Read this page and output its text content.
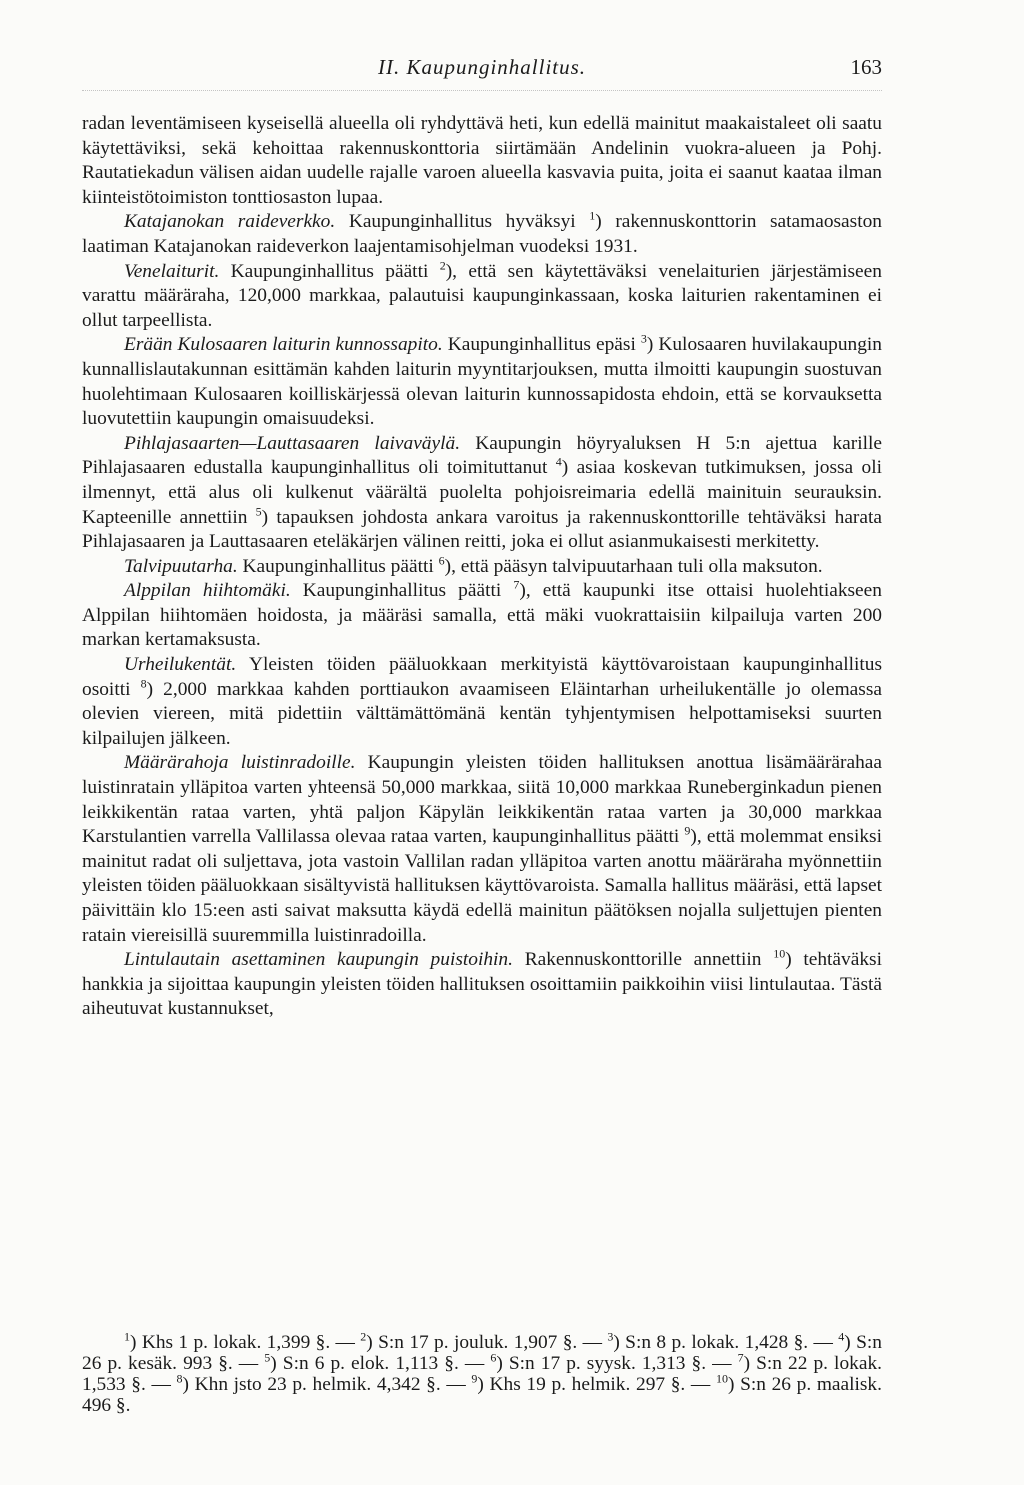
II. Kaupunginhallitus.	163

radan leventämiseen kyseisellä alueella oli ryhdyttävä heti, kun edellä mainitut maakaistaleet oli saatu käytettäviksi, sekä kehoittaa rakennuskonttoria siirtämään Andelinin vuokra-alueen ja Pohj. Rautatiekadun välisen aidan uudelle rajalle varoen alueella kasvavia puita, joita ei saanut kaataa ilman kiinteistötoimiston tonttiosaston lupaa.

Katajanokan raideverkko. Kaupunginhallitus hyväksyi $^1$) rakennuskonttorin satamaosaston laatiman Katajanokan raideverkon laajentamisohjelman vuodeksi 1931.

Venelaiturit. Kaupunginhallitus päätti $^2$), että sen käytettäväksi venelaiturien järjestämiseen varattu määräraha, 120,000 markkaa, palautuisi kaupunginkassaan, koska laiturien rakentaminen ei ollut tarpeellista.

Erään Kulosaaren laiturin kunnossapito. Kaupunginhallitus epäsi $^3$) Kulosaaren huvilakaupungin kunnallislautakunnan esittämän kahden laiturin myyntitarjouksen, mutta ilmoitti kaupungin suostuvan huolehtimaan Kulosaaren koilliskärjessä olevan laiturin kunnossapidosta ehdoin, että se korvauksetta luovutettiin kaupungin omaisuudeksi.

Pihlajasaarten—Lauttasaaren laivaväylä. Kaupungin höyryaluksen H 5:n ajettua karille Pihlajasaaren edustalla kaupunginhallitus oli toimituttanut $^4$) asiaa koskevan tutkimuksen, jossa oli ilmennyt, että alus oli kulkenut väärältä puolelta pohjoisreimaria edellä mainituin seurauksin. Kapteenille annettiin $^5$) tapauksen johdosta ankara varoitus ja rakennuskonttorille tehtäväksi harata Pihlajasaaren ja Lauttasaaren eteläkärjen välinen reitti, joka ei ollut asianmukaisesti merkitetty.

Talvipuutarha. Kaupunginhallitus päätti $^6$), että pääsyn talvipuutarhaan tuli olla maksuton.

Alppilan hiihtomäki. Kaupunginhallitus päätti $^7$), että kaupunki itse ottaisi huolehtiakseen Alppilan hiihtomäen hoidosta, ja määräsi samalla, että mäki vuokrattaisiin kilpailuja varten 200 markan kertamaksusta.

Urheilukentät. Yleisten töiden pääluokkaan merkityistä käyttövaroistaan kaupunginhallitus osoitti $^8$) 2,000 markkaa kahden porttiaukon avaamiseen Eläintarhan urheilukentälle jo olemassa olevien viereen, mitä pidettiin välttämättömänä kentän tyhjentymisen helpottamiseksi suurten kilpailujen jälkeen.

Määrärahoja luistinradoille. Kaupungin yleisten töiden hallituksen anottua lisämäärärahaa luistinratain ylläpitoa varten yhteensä 50,000 markkaa, siitä 10,000 markkaa Runeberginkadun pienen leikkikentän rataa varten, yhtä paljon Käpylän leikkikentän rataa varten ja 30,000 markkaa Karstulantien varrella Vallilassa olevaa rataa varten, kaupunginhallitus päätti $^9$), että molemmat ensiksi mainitut radat oli suljettava, jota vastoin Vallilan radan ylläpitoa varten anottu määräraha myönnettiin yleisten töiden pääluokkaan sisältyvistä hallituksen käyttövaroista. Samalla hallitus määräsi, että lapset päivittäin klo 15:een asti saivat maksutta käydä edellä mainitun päätöksen nojalla suljettujen pienten ratain viereisillä suuremmilla luistinradoilla.

Lintulautain asettaminen kaupungin puistoihin. Rakennuskonttorille annettiin $^{10}$) tehtäväksi hankkia ja sijoittaa kaupungin yleisten töiden hallituksen osoittamiin paikkoihin viisi lintulautaa. Tästä aiheutuvat kustannukset,

$^1$) Khs 1 p. lokak. 1,399 §. — $^2$) S:n 17 p. jouluk. 1,907 §. — $^3$) S:n 8 p. lokak. 1,428 §. — $^4$) S:n 26 p. kesäk. 993 §. — $^5$) S:n 6 p. elok. 1,113 §. — $^6$) S:n 17 p. syysk. 1,313 §. — $^7$) S:n 22 p. lokak. 1,533 §. — $^8$) Khn jsto 23 p. helmik. 4,342 §. — $^9$) Khs 19 p. helmik. 297 §. — $^{10}$) S:n 26 p. maalisk. 496 §.
